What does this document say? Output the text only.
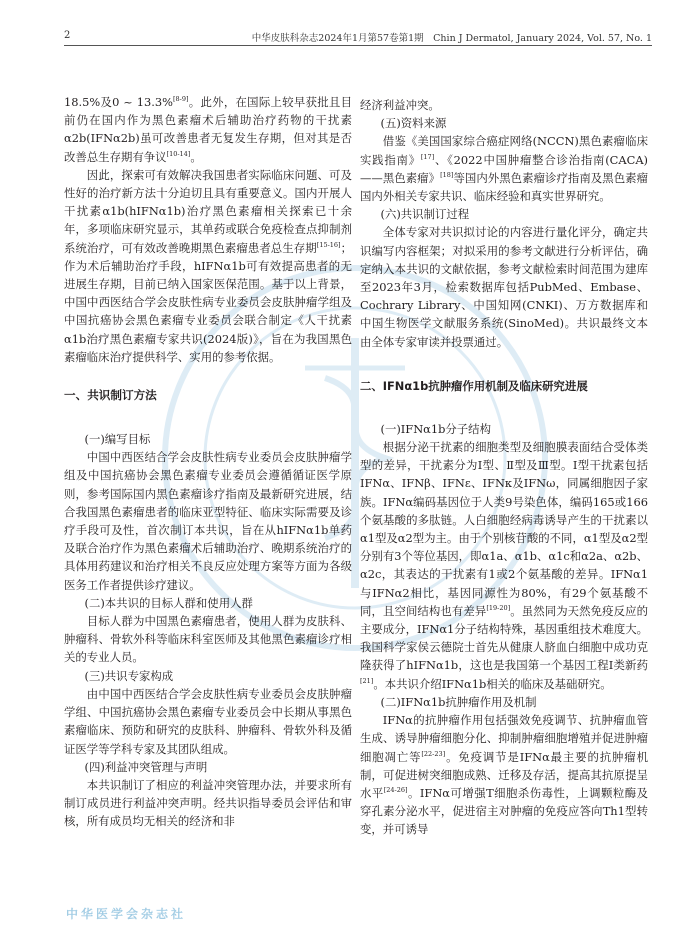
2	中华皮肤科杂志2024年1月第57卷第1期　Chin J Dermatol, January 2024, Vol. 57, No. 1

18.5%及0 ~ 13.3%[8-9]。此外，在国际上较早获批且目前仍在国内作为黑色素瘤术后辅助治疗药物的干扰素α2b(IFNα2b)虽可改善患者无复发生存期，但对其是否改善总生存期有争议[10-14]。

因此，探索可有效解决我国患者实际临床问题、可及性好的治疗新方法十分迫切且具有重要意义。国内开展人干扰素α1b(hIFNα1b)治疗黑色素瘤相关探索已十余年，多项临床研究显示，其单药或联合免疫检查点抑制剂系统治疗，可有效改善晚期黑色素瘤患者总生存期[15-16]；作为术后辅助治疗手段，hIFNα1b可有效提高患者的无进展生存期，目前已纳入国家医保范围。基于以上背景，中国中西医结合学会皮肤性病专业委员会皮肤肿瘤学组及中国抗癌协会黑色素瘤专业委员会联合制定《人干扰素α1b治疗黑色素瘤专家共识(2024版)》，旨在为我国黑色素瘤临床治疗提供科学、实用的参考依据。

一、共识制订方法

(一)编写目标

中国中西医结合学会皮肤性病专业委员会皮肤肿瘤学组及中国抗癌协会黑色素瘤专业委员会遵循循证医学原则，参考国际国内黑色素瘤诊疗指南及最新研究进展，结合我国黑色素瘤患者的临床亚型特征、临床实际需要及诊疗手段可及性，首次制订本共识，旨在从hIFNα1b单药及联合治疗作为黑色素瘤术后辅助治疗、晚期系统治疗的具体用药建议和治疗相关不良反应处理方案等方面为各级医务工作者提供诊疗建议。

(二)本共识的目标人群和使用人群

目标人群为中国黑色素瘤患者，使用人群为皮肤科、肿瘤科、骨软外科等临床科室医师及其他黑色素瘤诊疗相关的专业人员。

(三)共识专家构成

由中国中西医结合学会皮肤性病专业委员会皮肤肿瘤学组、中国抗癌协会黑色素瘤专业委员会中长期从事黑色素瘤临床、预防和研究的皮肤科、肿瘤科、骨软外科及循证医学等学科专家及其团队组成。

(四)利益冲突管理与声明

本共识制订了相应的利益冲突管理办法，并要求所有制订成员进行利益冲突声明。经共识指导委员会评估和审核，所有成员均无相关的经济和非

经济利益冲突。

(五)资料来源

借鉴《美国国家综合癌症网络(NCCN)黑色素瘤临床实践指南》[17]、《2022中国肿瘤整合诊治指南(CACA)——黑色素瘤》[18]等国内外黑色素瘤诊疗指南及黑色素瘤国内外相关专家共识、临床经验和真实世界研究。

(六)共识制订过程

全体专家对共识拟讨论的内容进行量化评分，确定共识编写内容框架；对拟采用的参考文献进行分析评估，确定纳入本共识的文献依据，参考文献检索时间范围为建库至2023年3月，检索数据库包括PubMed、Embase、Cochrary Library、中国知网(CNKI)、万方数据库和中国生物医学文献服务系统(SinoMed)。共识最终文本由全体专家审读并投票通过。

二、IFNα1b抗肿瘤作用机制及临床研究进展

(一)IFNα1b分子结构

根据分泌干扰素的细胞类型及细胞膜表面结合受体类型的差异，干扰素分为Ⅰ型、Ⅱ型及Ⅲ型。Ⅰ型干扰素包括IFNα、IFNβ、IFNε、IFNκ及IFNω，同属细胞因子家族。IFNα编码基因位于人类9号染色体，编码165或166个氨基酸的多肽链。人白细胞经病毒诱导产生的干扰素以α1型及α2型为主。由于个别核苷酸的不同，α1型及α2型分别有3个等位基因，即α1a、α1b、α1c和α2a、α2b、α2c，其表达的干扰素有1或2个氨基酸的差异。IFNα1与IFNα2相比，基因同源性为80%，有29个氨基酸不同，且空间结构也有差异[19-20]。虽然同为天然免疫反应的主要成分，IFNα1分子结构特殊，基因重组技术难度大。我国科学家侯云德院士首先从健康人脐血白细胞中成功克隆获得了hIFNα1b，这也是我国第一个基因工程Ⅰ类新药[21]。本共识介绍IFNα1b相关的临床及基础研究。

(二)IFNα1b抗肿瘤作用及机制

IFNα的抗肿瘤作用包括强效免疫调节、抗肿瘤血管生成、诱导肿瘤细胞分化、抑制肿瘤细胞增殖并促进肿瘤细胞凋亡等[22-23]。免疫调节是IFNα最主要的抗肿瘤机制，可促进树突细胞成熟、迁移及存活，提高其抗原提呈水平[24-26]。IFNα可增强T细胞杀伤毒性，上调颗粒酶及穿孔素分泌水平，促进宿主对肿瘤的免疫应答向Th1型转变，并可诱导

中华医学会杂志社
